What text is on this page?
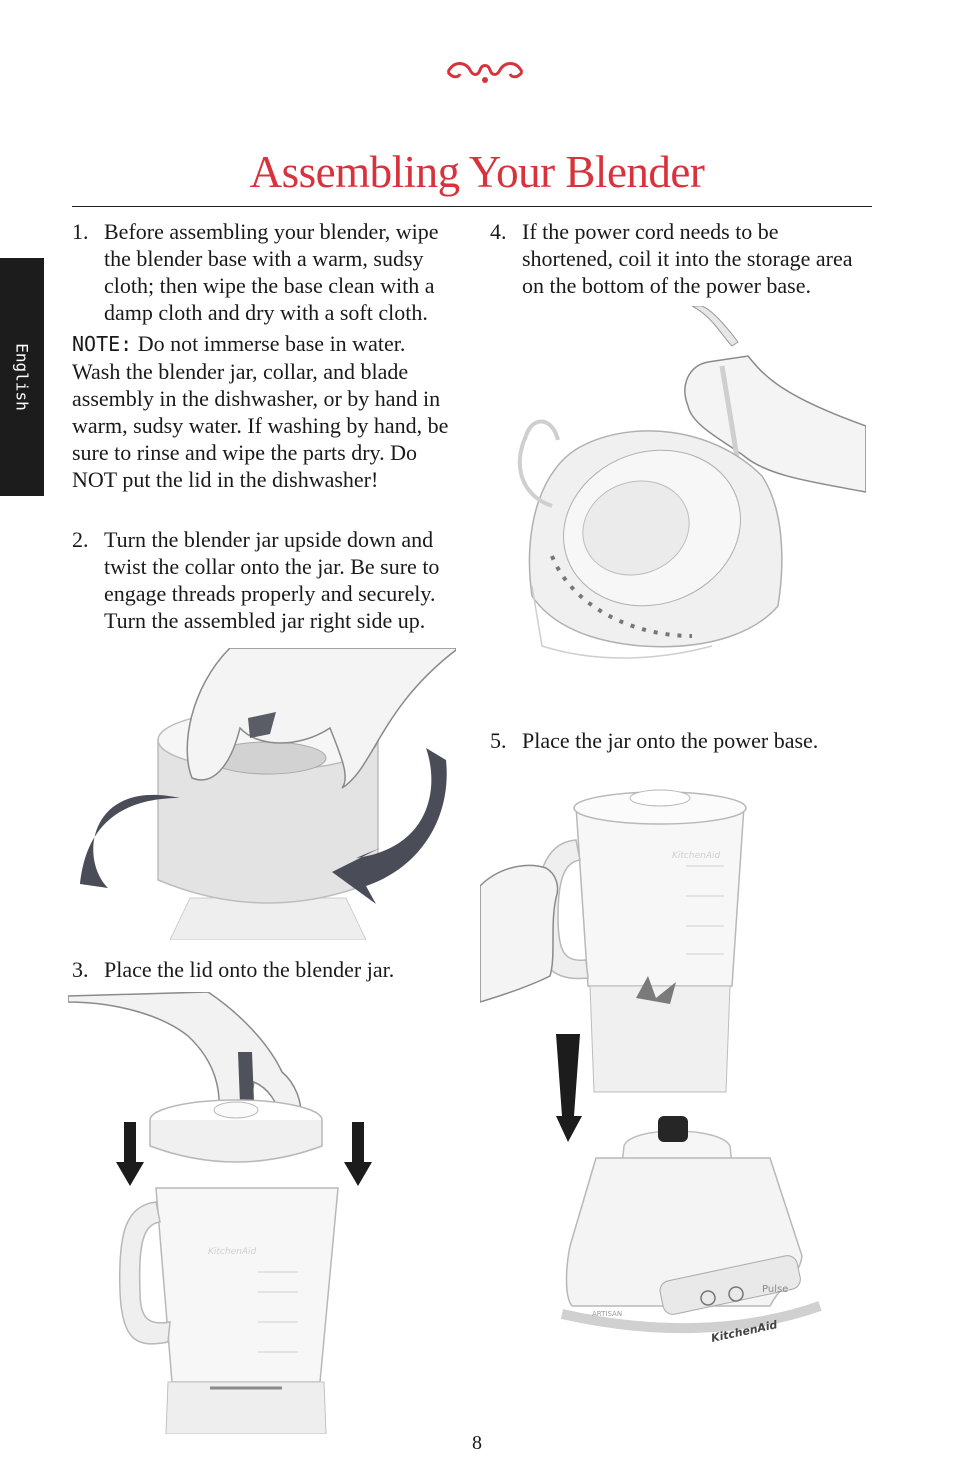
Assembling Your Blender
English
1. Before assembling your blender, wipe the blender base with a warm, sudsy cloth; then wipe the base clean with a damp cloth and dry with a soft cloth.
NOTE: Do not immerse base in water. Wash the blender jar, collar, and blade assembly in the dishwasher, or by hand in warm, sudsy water. If washing by hand, be sure to rinse and wipe the parts dry. Do NOT put the lid in the dishwasher!
2. Turn the blender jar upside down and twist the collar onto the jar. Be sure to engage threads properly and securely. Turn the assembled jar right side up.
3. Place the lid onto the blender jar.
4. If the power cord needs to be shortened, coil it into the storage area on the bottom of the power base.
5. Place the jar onto the power base.
KitchenAid
KitchenAid
Pulse
KitchenAid
ARTISAN
8
